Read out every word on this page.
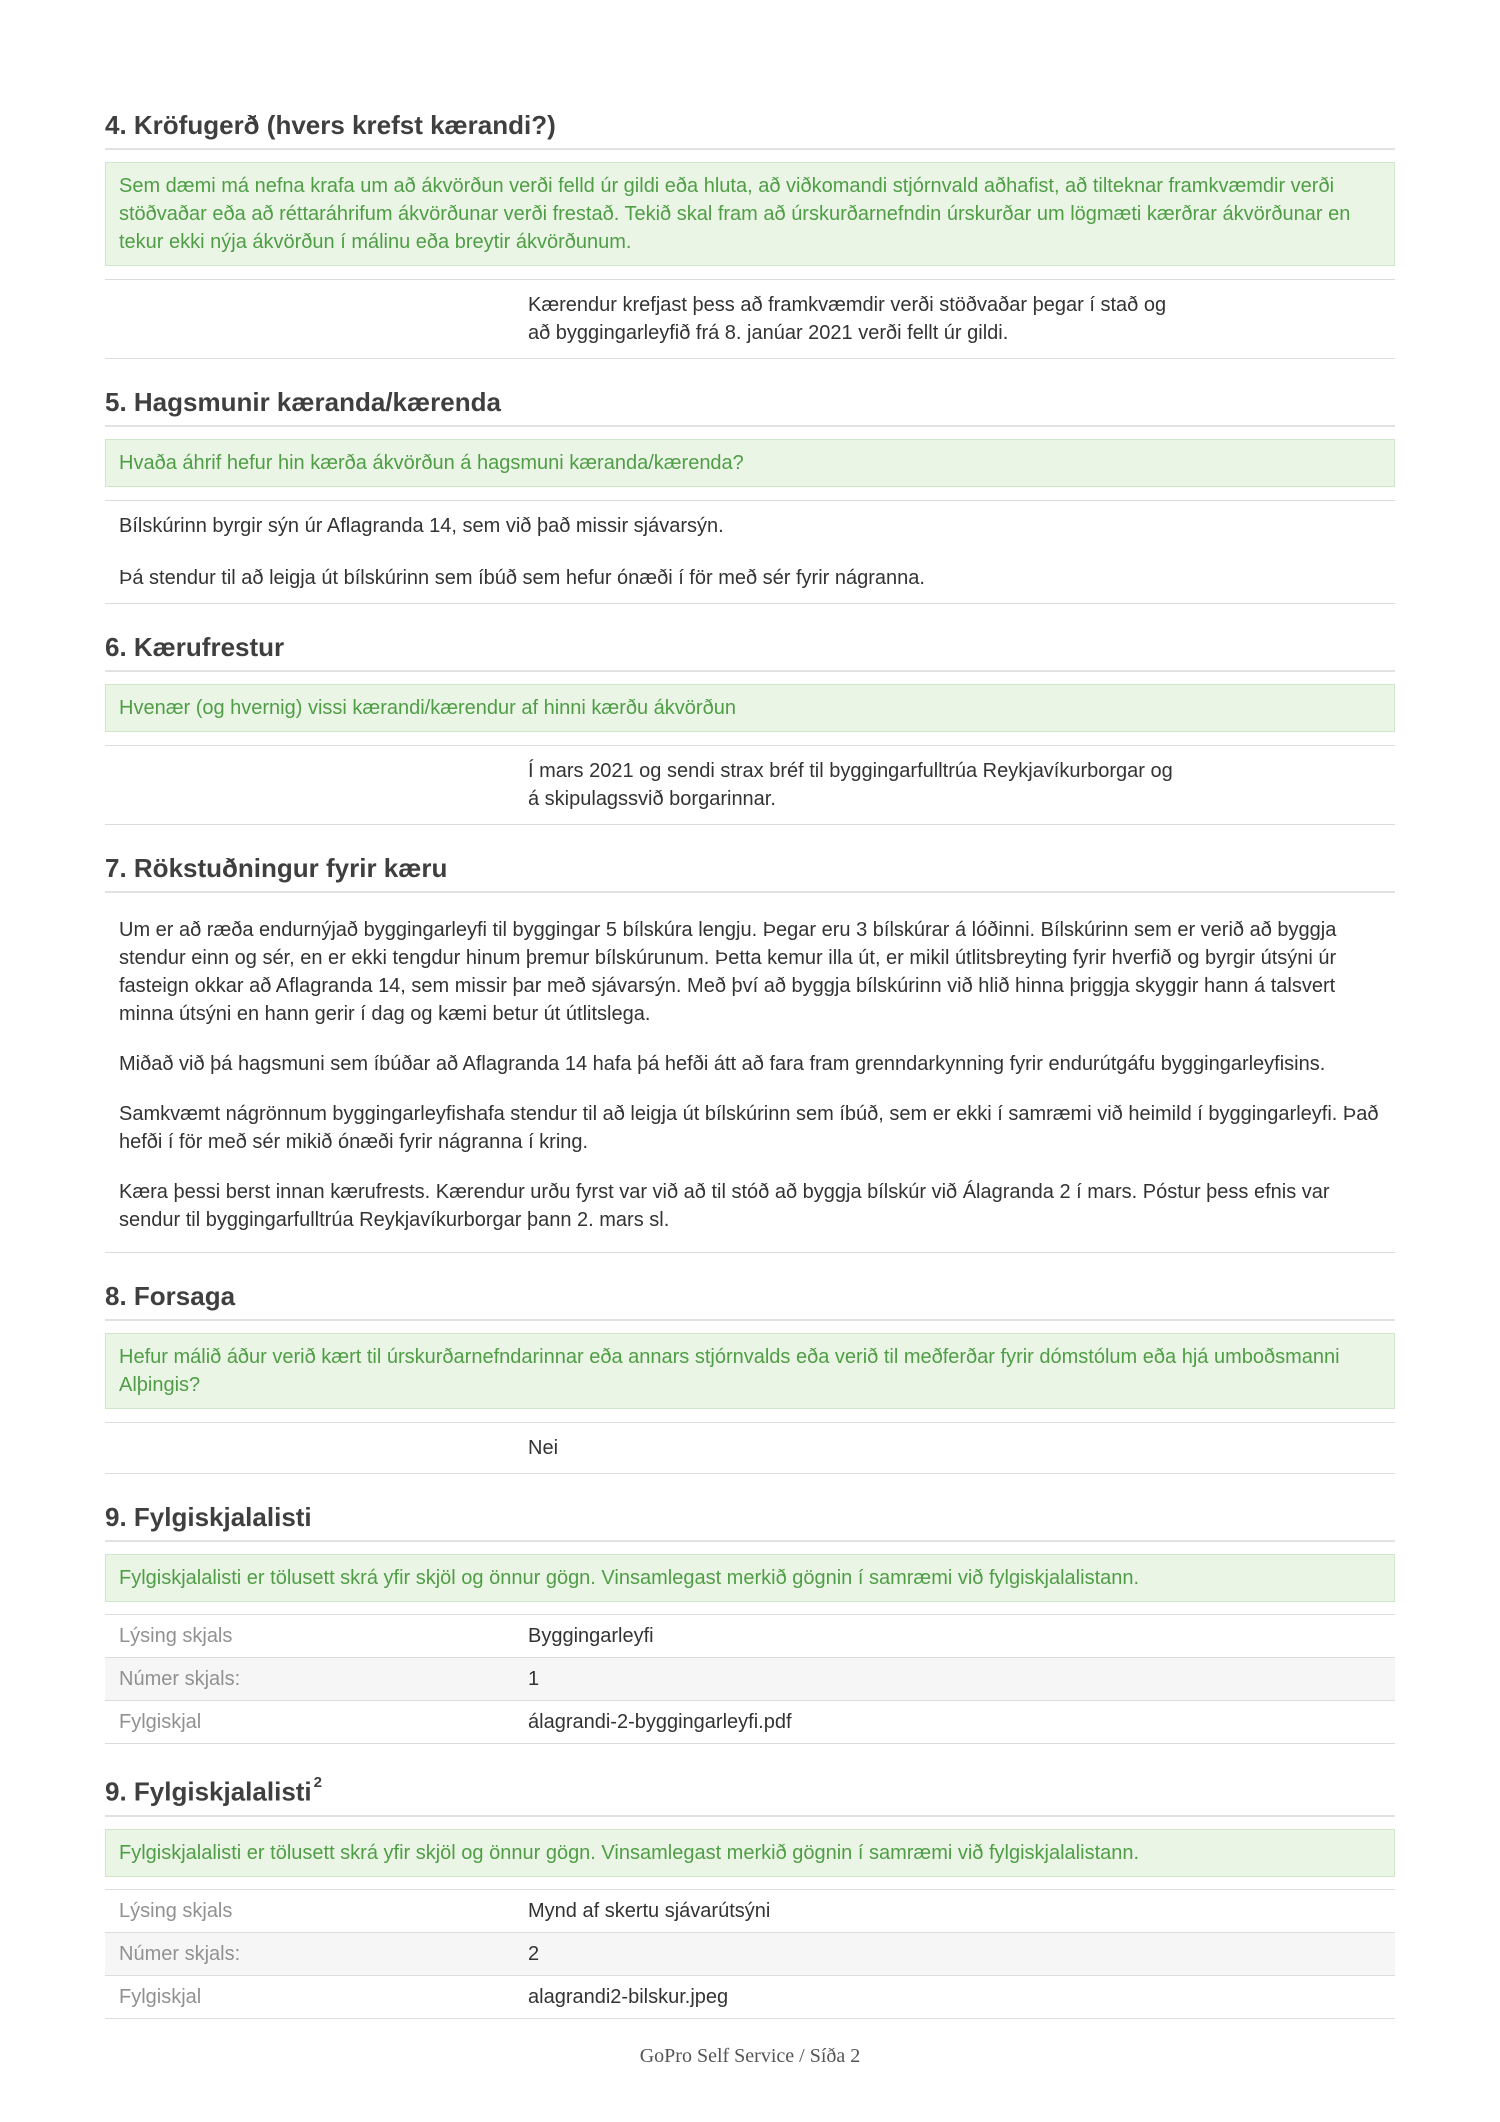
4. Kröfugerð (hvers krefst kærandi?)
Sem dæmi má nefna krafa um að ákvörðun verði felld úr gildi eða hluta, að viðkomandi stjórnvald aðhafist, að tilteknar framkvæmdir verði stöðvaðar eða að réttaráhrifum ákvörðunar verði frestað. Tekið skal fram að úrskurðarnefndin úrskurðar um lögmæti kærðrar ákvörðunar en tekur ekki nýja ákvörðun í málinu eða breytir ákvörðunum.

Kærendur krefjast þess að framkvæmdir verði stöðvaðar þegar í stað og að byggingarleyfið frá 8. janúar 2021 verði fellt úr gildi.

5. Hagsmunir kæranda/kærenda
Hvaða áhrif hefur hin kærða ákvörðun á hagsmuni kæranda/kærenda?

Bílskúrinn byrgir sýn úr Aflagranda 14, sem við það missir sjávarsýn.

Þá stendur til að leigja út bílskúrinn sem íbúð sem hefur ónæði í för með sér fyrir nágranna.

6. Kærufrestur
Hvenær (og hvernig) vissi kærandi/kærendur af hinni kærðu ákvörðun

Í mars 2021 og sendi strax bréf til byggingarfulltrúa Reykjavíkurborgar og á skipulagssvið borgarinnar.

7. Rökstuðningur fyrir kæru

Um er að ræða endurnýjað byggingarleyfi til byggingar 5 bílskúra lengju. Þegar eru 3 bílskúrar á lóðinni. Bílskúrinn sem er verið að byggja stendur einn og sér, en er ekki tengdur hinum þremur bílskúrunum. Þetta kemur illa út, er mikil útlitsbreyting fyrir hverfið og byrgir útsýni úr fasteign okkar að Aflagranda 14, sem missir þar með sjávarsýn. Með því að byggja bílskúrinn við hlið hinna þriggja skyggir hann á talsvert minna útsýni en hann gerir í dag og kæmi betur út útlitslega.

Miðað við þá hagsmuni sem íbúðar að Aflagranda 14 hafa þá hefði átt að fara fram grenndarkynning fyrir endurútgáfu byggingarleyfisins.

Samkvæmt nágrönnum byggingarleyfishafa stendur til að leigja út bílskúrinn sem íbúð, sem er ekki í samræmi við heimild í byggingarleyfi. Það hefði í för með sér mikið ónæði fyrir nágranna í kring.

Kæra þessi berst innan kærufrests. Kærendur urðu fyrst var við að til stóð að byggja bílskúr við Álagranda 2 í mars. Póstur þess efnis var sendur til byggingarfulltrúa Reykjavíkurborgar þann 2. mars sl.

8. Forsaga
Hefur málið áður verið kært til úrskurðarnefndarinnar eða annars stjórnvalds eða verið til meðferðar fyrir dómstólum eða hjá umboðsmanni Alþingis?

Nei

9. Fylgiskjalalisti
Fylgiskjalalisti er tölusett skrá yfir skjöl og önnur gögn. Vinsamlegast merkið gögnin í samræmi við fylgiskjalalistann.
Lýsing skjals	Byggingarleyfi
Númer skjals:	1
Fylgiskjal	álagrandi-2-byggingarleyfi.pdf
9. Fylgiskjalalisti $^2$
Fylgiskjalalisti er tölusett skrá yfir skjöl og önnur gögn. Vinsamlegast merkið gögnin í samræmi við fylgiskjalalistann.
Lýsing skjals	Mynd af skertu sjávarútsýni
Númer skjals:	2
Fylgiskjal	alagrandi2-bilskur.jpeg
GoPro Self Service / Síða 2
